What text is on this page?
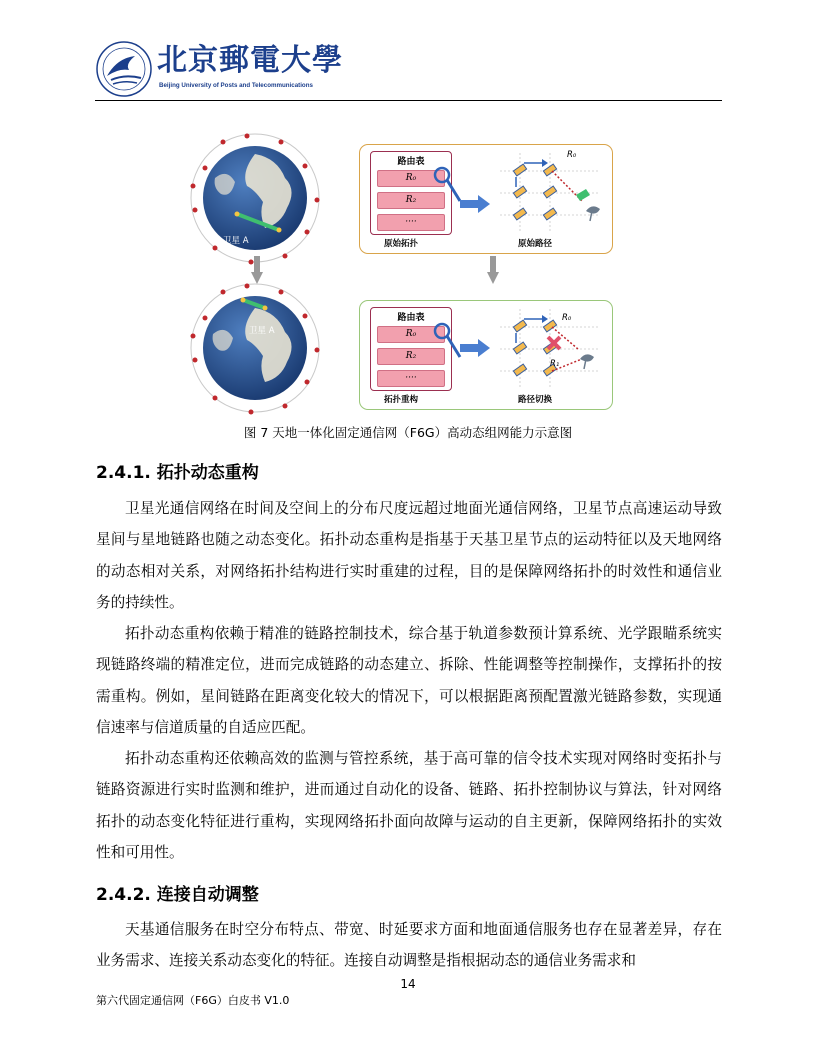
北京郵電大學
Beijing University of Posts and Telecommunications
卫星 A
路由表
R₀
R₂
····
原始拓扑
R₀
原始路径
卫星 A
路由表
R₀
R₂
····
拓扑重构
R₀
R₁
路径切换
图 7 天地一体化固定通信网（F6G）高动态组网能力示意图
2.4.1. 拓扑动态重构
卫星光通信网络在时间及空间上的分布尺度远超过地面光通信网络，卫星节点高速运动导致星间与星地链路也随之动态变化。拓扑动态重构是指基于天基卫星节点的运动特征以及天地网络的动态相对关系，对网络拓扑结构进行实时重建的过程，目的是保障网络拓扑的时效性和通信业务的持续性。
拓扑动态重构依赖于精准的链路控制技术，综合基于轨道参数预计算系统、光学跟瞄系统实现链路终端的精准定位，进而完成链路的动态建立、拆除、性能调整等控制操作，支撑拓扑的按需重构。例如，星间链路在距离变化较大的情况下，可以根据距离预配置激光链路参数，实现通信速率与信道质量的自适应匹配。
拓扑动态重构还依赖高效的监测与管控系统，基于高可靠的信令技术实现对网络时变拓扑与链路资源进行实时监测和维护，进而通过自动化的设备、链路、拓扑控制协议与算法，针对网络拓扑的动态变化特征进行重构，实现网络拓扑面向故障与运动的自主更新，保障网络拓扑的实效性和可用性。
2.4.2. 连接自动调整
天基通信服务在时空分布特点、带宽、时延要求方面和地面通信服务也存在显著差异，存在业务需求、连接关系动态变化的特征。连接自动调整是指根据动态的通信业务需求和
14
第六代固定通信网（F6G）白皮书 V1.0
